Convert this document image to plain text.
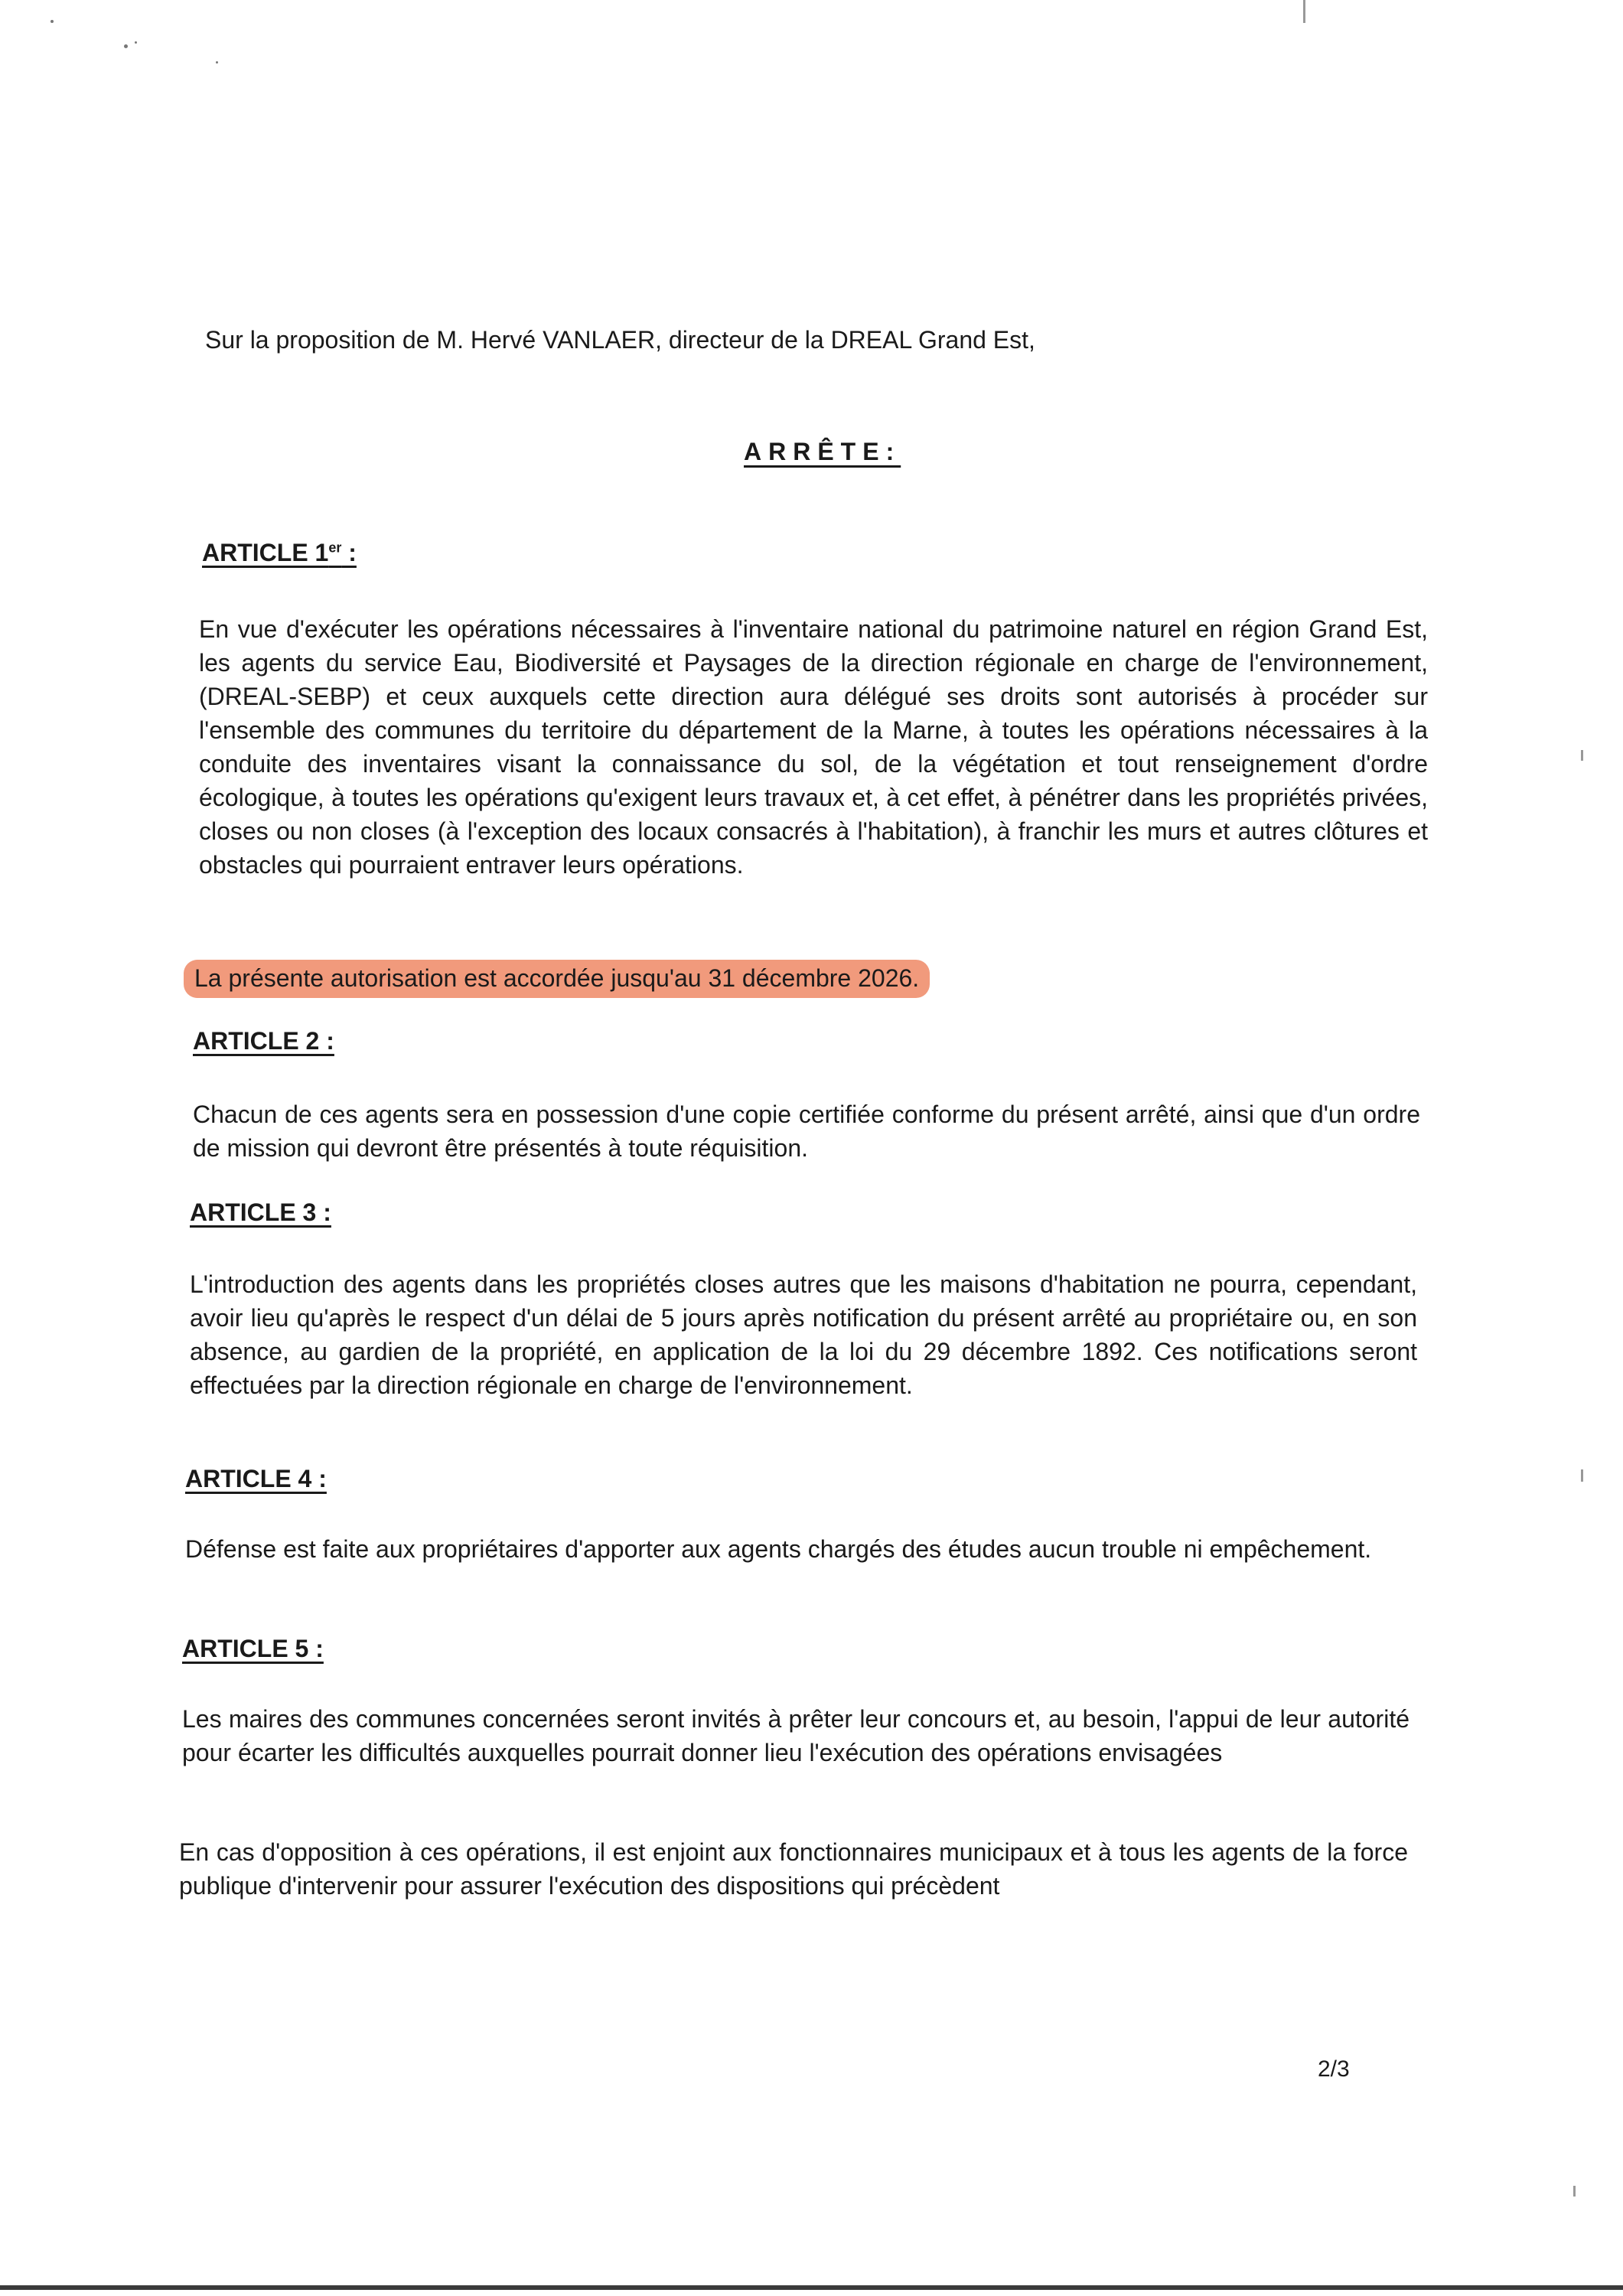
Sur la proposition de M. Hervé VANLAER, directeur de la DREAL Grand Est,
ARRÊTE:
ARTICLE 1er :
En vue d'exécuter les opérations nécessaires à l'inventaire national du patrimoine naturel en région Grand Est, les agents du service Eau, Biodiversité et Paysages de la direction régionale en charge de l'environnement, (DREAL-SEBP) et ceux auxquels cette direction aura délégué ses droits sont autorisés à procéder sur l'ensemble des communes du territoire du département de la Marne, à toutes les opérations nécessaires à la conduite des inventaires visant la connaissance du sol, de la végétation et tout renseignement d'ordre écologique, à toutes les opérations qu'exigent leurs travaux et, à cet effet, à pénétrer dans les propriétés privées, closes ou non closes (à l'exception des locaux consacrés à l'habitation), à franchir les murs et autres clôtures et obstacles qui pourraient entraver leurs opérations.
La présente autorisation est accordée jusqu'au 31 décembre 2026.
ARTICLE 2 :
Chacun de ces agents sera en possession d'une copie certifiée conforme du présent arrêté, ainsi que d'un ordre de mission qui devront être présentés à toute réquisition.
ARTICLE 3 :
L'introduction des agents dans les propriétés closes autres que les maisons d'habitation ne pourra, cependant, avoir lieu qu'après le respect d'un délai de 5 jours après notification du présent arrêté au propriétaire ou, en son absence, au gardien de la propriété, en application de la loi du 29 décembre 1892. Ces notifications seront effectuées par la direction régionale en charge de l'environnement.
ARTICLE 4 :
Défense est faite aux propriétaires d'apporter aux agents chargés des études aucun trouble ni empêchement.
ARTICLE 5 :
Les maires des communes concernées seront invités à prêter leur concours et, au besoin, l'appui de leur autorité pour écarter les difficultés auxquelles pourrait donner lieu l'exécution des opérations envisagées
En cas d'opposition à ces opérations, il est enjoint aux fonctionnaires municipaux et à tous les agents de la force publique d'intervenir pour assurer l'exécution des dispositions qui précèdent
2/3
